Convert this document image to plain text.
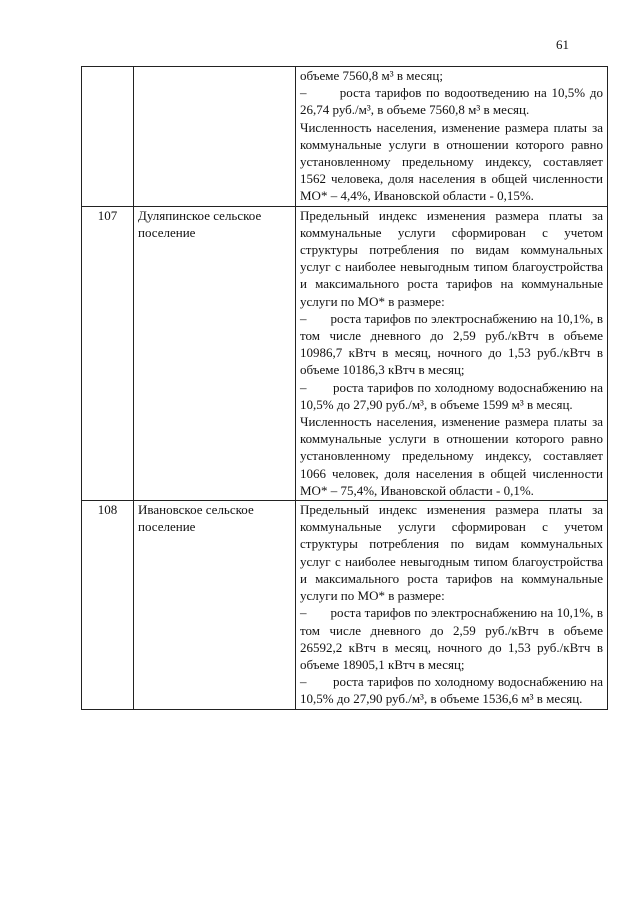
61

		объеме 7560,8 м³ в месяц;

–       роста тарифов по водоотведению на 10,5% до 26,74 руб./м³, в объеме 7560,8 м³ в месяц.

Численность населения, изменение размера платы за коммунальные услуги в отношении которого равно установленному предельному индексу, составляет 1562 человека, доля населения в общей численности МО* – 4,4%, Ивановской области - 0,15%.

107	Дуляпинское сельское поселение	Предельный индекс изменения размера платы за коммунальные услуги сформирован с учетом структуры потребления по видам коммунальных услуг с наиболее невыгодным типом благоустройства и максимального роста тарифов на коммунальные услуги по МО* в размере:

–       роста тарифов по электроснабжению на 10,1%, в том числе дневного до 2,59 руб./кВтч в объеме 10986,7 кВтч в месяц, ночного до 1,53 руб./кВтч в объеме 10186,3 кВтч в месяц;

–       роста тарифов по холодному водоснабжению на 10,5% до 27,90 руб./м³, в объеме 1599 м³ в месяц.

Численность населения, изменение размера платы за коммунальные услуги в отношении которого равно установленному предельному индексу, составляет 1066 человек, доля населения в общей численности МО* – 75,4%, Ивановской области - 0,1%.

108	Ивановское сельское поселение	Предельный индекс изменения размера платы за коммунальные услуги сформирован с учетом структуры потребления по видам коммунальных услуг с наиболее невыгодным типом благоустройства и максимального роста тарифов на коммунальные услуги по МО* в размере:

–       роста тарифов по электроснабжению на 10,1%, в том числе дневного до 2,59 руб./кВтч в объеме 26592,2 кВтч в месяц, ночного до 1,53 руб./кВтч в объеме 18905,1 кВтч в месяц;

–       роста тарифов по холодному водоснабжению на 10,5% до 27,90 руб./м³, в объеме 1536,6 м³ в месяц.
